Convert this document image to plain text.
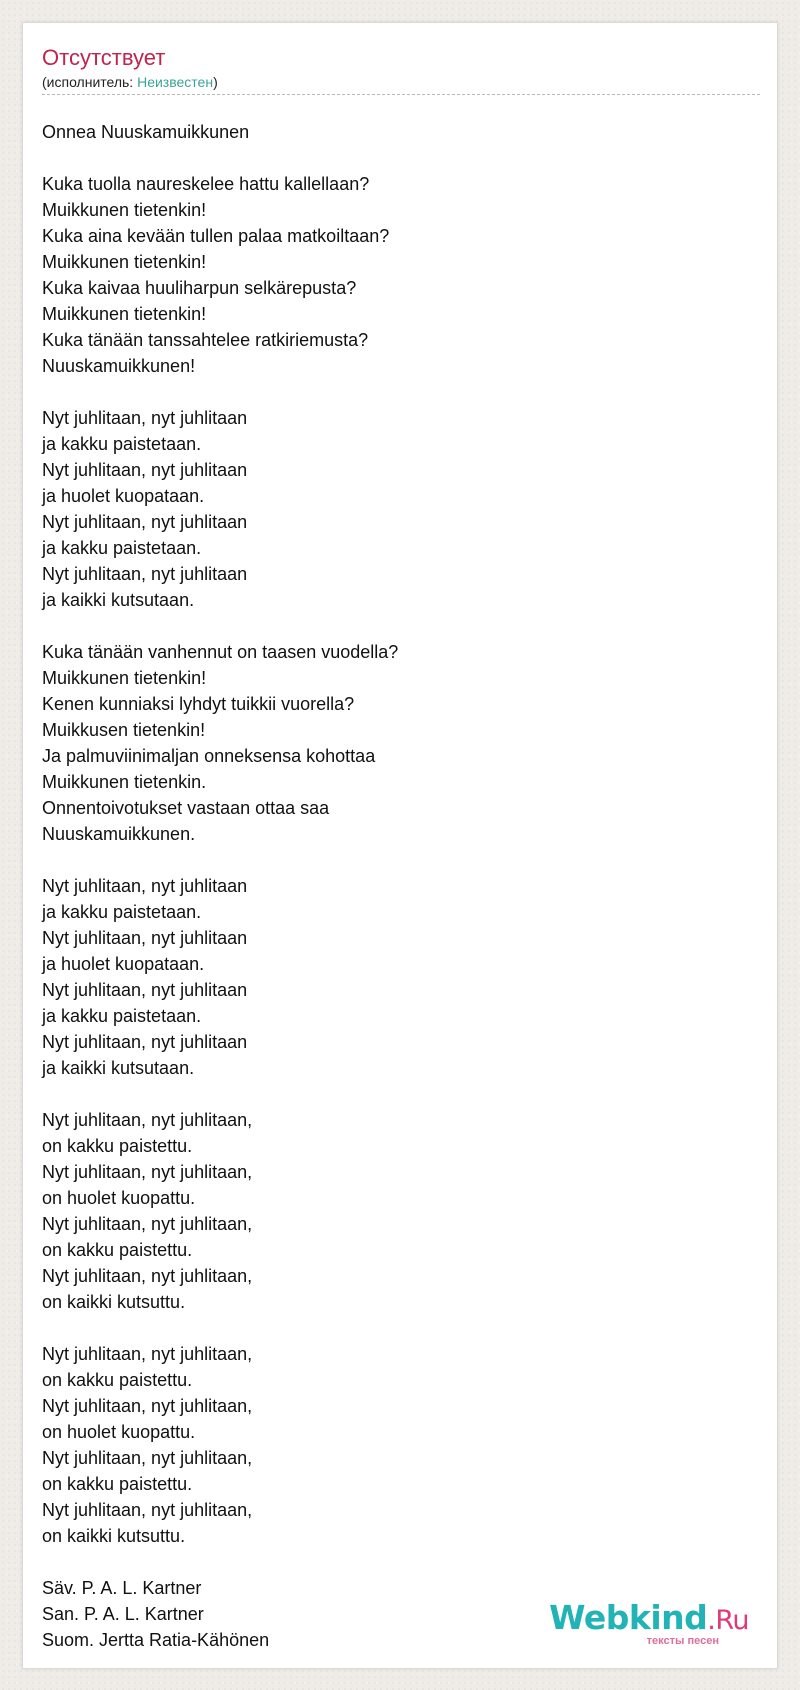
Отсутствует
(исполнитель: Неизвестен)
Onnea Nuuskamuikkunen

Kuka tuolla naureskelee hattu kallellaan?
Muikkunen tietenkin!
Kuka aina kevään tullen palaa matkoiltaan?
Muikkunen tietenkin!
Kuka kaivaa huuliharpun selkärepusta?
Muikkunen tietenkin!
Kuka tänään tanssahtelee ratkiriemusta?
Nuuskamuikkunen!

Nyt juhlitaan, nyt juhlitaan
ja kakku paistetaan.
Nyt juhlitaan, nyt juhlitaan
ja huolet kuopataan.
Nyt juhlitaan, nyt juhlitaan
ja kakku paistetaan.
Nyt juhlitaan, nyt juhlitaan
ja kaikki kutsutaan.

Kuka tänään vanhennut on taasen vuodella?
Muikkunen tietenkin!
Kenen kunniaksi lyhdyt tuikkii vuorella?
Muikkusen tietenkin!
Ja palmuviinimaljan onneksensa kohottaa
Muikkunen tietenkin.
Onnentoivotukset vastaan ottaa saa
Nuuskamuikkunen.

Nyt juhlitaan, nyt juhlitaan
ja kakku paistetaan.
Nyt juhlitaan, nyt juhlitaan
ja huolet kuopataan.
Nyt juhlitaan, nyt juhlitaan
ja kakku paistetaan.
Nyt juhlitaan, nyt juhlitaan
ja kaikki kutsutaan.

Nyt juhlitaan, nyt juhlitaan,
on kakku paistettu.
Nyt juhlitaan, nyt juhlitaan,
on huolet kuopattu.
Nyt juhlitaan, nyt juhlitaan,
on kakku paistettu.
Nyt juhlitaan, nyt juhlitaan,
on kaikki kutsuttu.

Nyt juhlitaan, nyt juhlitaan,
on kakku paistettu.
Nyt juhlitaan, nyt juhlitaan,
on huolet kuopattu.
Nyt juhlitaan, nyt juhlitaan,
on kakku paistettu.
Nyt juhlitaan, nyt juhlitaan,
on kaikki kutsuttu.

Säv. P. A. L. Kartner
San. P. A. L. Kartner
Suom. Jertta Ratia-Kähönen
Webkind.Ru
тексты песен
